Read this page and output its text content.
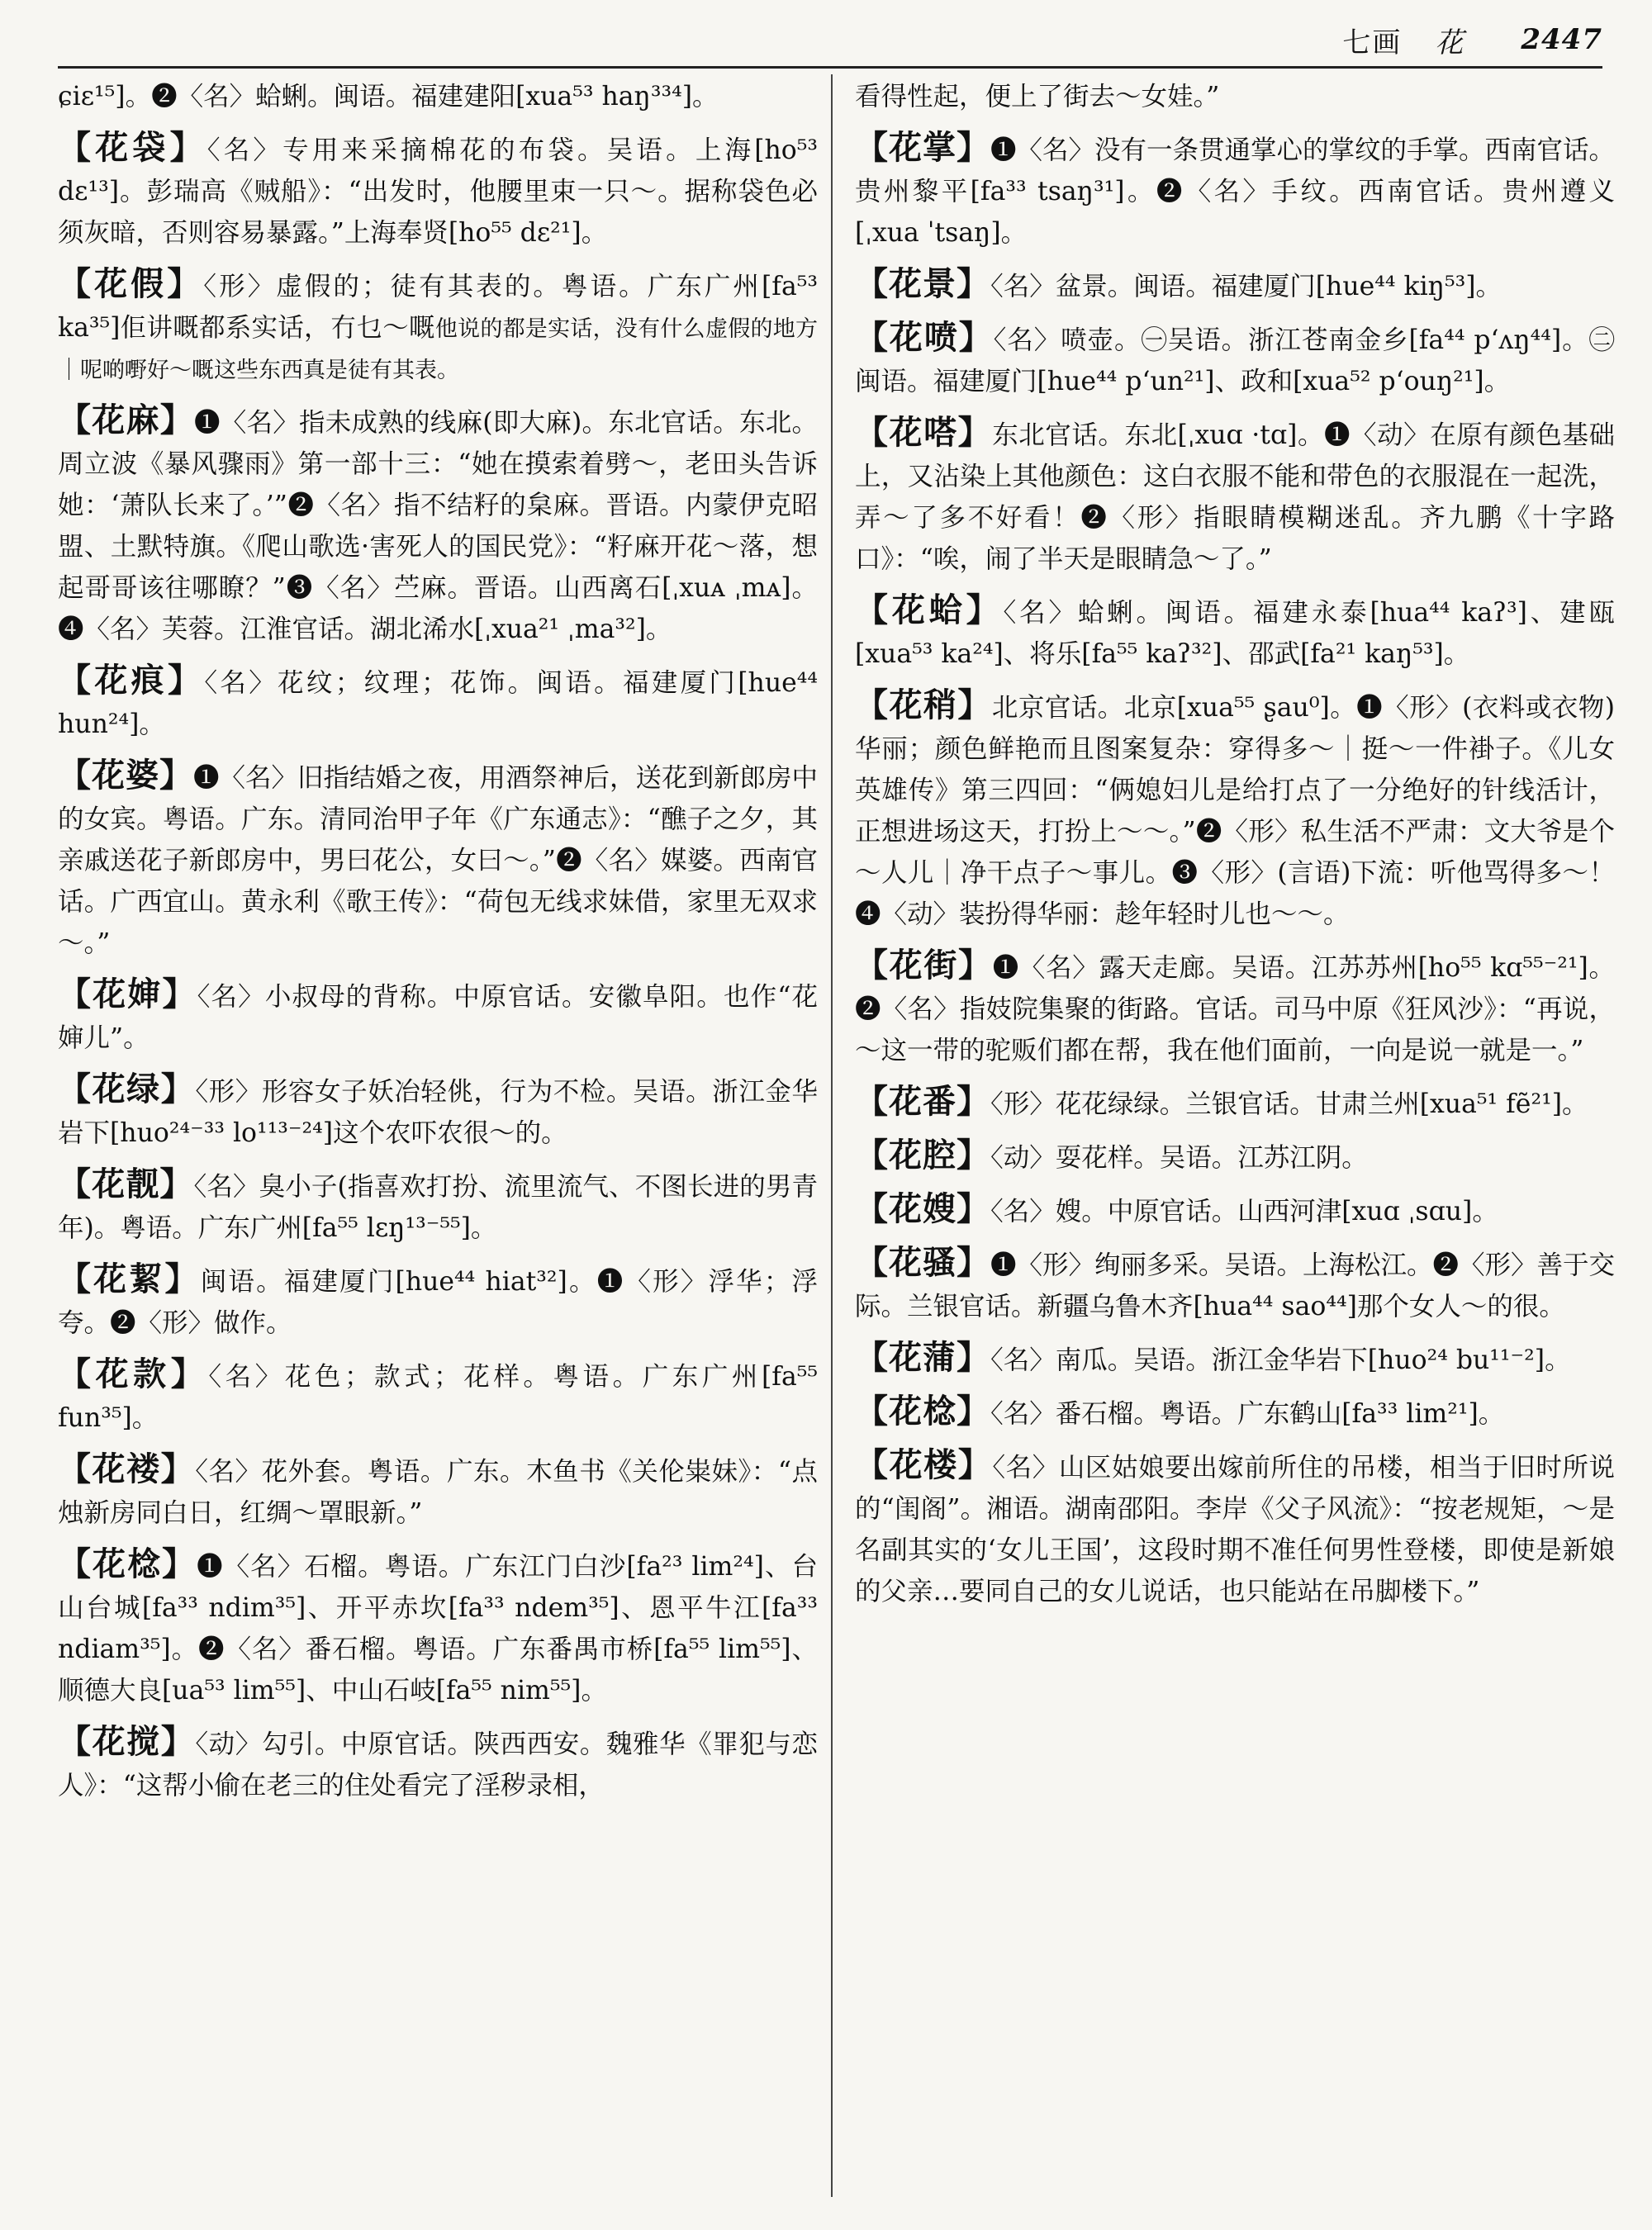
七画 花 2447

ɕiɛ¹⁵]。❷〈名〉蛤蜊。闽语。福建建阳[xua⁵³ haŋ³³⁴]。

【花袋】〈名〉专用来采摘棉花的布袋。吴语。上海[ho⁵³ dɛ¹³]。彭瑞高《贼船》：“出发时，他腰里束一只～。据称袋色必须灰暗，否则容易暴露。”上海奉贤[ho⁵⁵ dɛ²¹]。

【花假】〈形〉虚假的；徒有其表的。粤语。广东广州[fa⁵³ ka³⁵]佢讲嘅都系实话，冇乜～嘅他说的都是实话，没有什么虚假的地方｜呢啲嘢好～嘅这些东西真是徒有其表。

【花麻】❶〈名〉指未成熟的线麻(即大麻)。东北官话。东北。周立波《暴风骤雨》第一部十三：“她在摸索着劈～，老田头告诉她：‘萧队长来了。’”❷〈名〉指不结籽的枲麻。晋语。内蒙伊克昭盟、土默特旗。《爬山歌选·害死人的国民党》：“籽麻开花～落，想起哥哥该往哪瞭？”❸〈名〉苎麻。晋语。山西离石[ˌxuᴀ ˌmᴀ]。❹〈名〉芙蓉。江淮官话。湖北浠水[ˌxua²¹ ˌma³²]。

【花痕】〈名〉花纹；纹理；花饰。闽语。福建厦门[hue⁴⁴ hun²⁴]。

【花婆】❶〈名〉旧指结婚之夜，用酒祭神后，送花到新郎房中的女宾。粤语。广东。清同治甲子年《广东通志》：“醮子之夕，其亲戚送花子新郎房中，男曰花公，女曰～。”❷〈名〉媒婆。西南官话。广西宜山。黄永利《歌王传》：“荷包无线求妹借，家里无双求～。”

【花婶】〈名〉小叔母的背称。中原官话。安徽阜阳。也作“花婶儿”。

【花绿】〈形〉形容女子妖冶轻佻，行为不检。吴语。浙江金华岩下[huo²⁴⁻³³ lo¹¹³⁻²⁴]这个农吓农很～的。

【花靓】〈名〉臭小子(指喜欢打扮、流里流气、不图长进的男青年)。粤语。广东广州[fa⁵⁵ lɛŋ¹³⁻⁵⁵]。

【花絜】闽语。福建厦门[hue⁴⁴ hiat³²]。❶〈形〉浮华；浮夸。❷〈形〉做作。

【花款】〈名〉花色；款式；花样。粤语。广东广州[fa⁵⁵ fun³⁵]。

【花褛】〈名〉花外套。粤语。广东。木鱼书《关伦粜妹》：“点烛新房同白日，红绸～罩眼新。”

【花棯】❶〈名〉石榴。粤语。广东江门白沙[fa²³ lim²⁴]、台山台城[fa³³ ndim³⁵]、开平赤坎[fa³³ ndem³⁵]、恩平牛江[fa³³ ndiam³⁵]。❷〈名〉番石榴。粤语。广东番禺市桥[fa⁵⁵ lim⁵⁵]、顺德大良[ua⁵³ lim⁵⁵]、中山石岐[fa⁵⁵ nim⁵⁵]。

【花搅】〈动〉勾引。中原官话。陕西西安。魏雅华《罪犯与恋人》：“这帮小偷在老三的住处看完了淫秽录相，

看得性起，便上了街去～女娃。”

【花掌】❶〈名〉没有一条贯通掌心的掌纹的手掌。西南官话。贵州黎平[fa³³ tsaŋ³¹]。❷〈名〉手纹。西南官话。贵州遵义[ˌxua ˈtsaŋ]。

【花景】〈名〉盆景。闽语。福建厦门[hue⁴⁴ kiŋ⁵³]。

【花喷】〈名〉喷壶。㊀吴语。浙江苍南金乡[fa⁴⁴ pʻʌŋ⁴⁴]。㊁闽语。福建厦门[hue⁴⁴ pʻun²¹]、政和[xua⁵² pʻouŋ²¹]。

【花嗒】东北官话。东北[ˌxuɑ ·tɑ]。❶〈动〉在原有颜色基础上，又沾染上其他颜色：这白衣服不能和带色的衣服混在一起洗，弄～了多不好看！❷〈形〉指眼睛模糊迷乱。齐九鹏《十字路口》：“唉，闹了半天是眼睛急～了。”

【花蛤】〈名〉蛤蜊。闽语。福建永泰[hua⁴⁴ kaʔ³]、建瓯[xua⁵³ ka²⁴]、将乐[fa⁵⁵ kaʔ³²]、邵武[fa²¹ kaŋ⁵³]。

【花稍】北京官话。北京[xua⁵⁵ ʂau⁰]。❶〈形〉(衣料或衣物)华丽；颜色鲜艳而且图案复杂：穿得多～｜挺～一件褂子。《儿女英雄传》第三四回：“俩媳妇儿是给打点了一分绝好的针线活计，正想进场这天，打扮上～～。”❷〈形〉私生活不严肃：文大爷是个～人儿｜净干点子～事儿。❸〈形〉(言语)下流：听他骂得多～！❹〈动〉装扮得华丽：趁年轻时儿也～～。

【花街】❶〈名〉露天走廊。吴语。江苏苏州[ho⁵⁵ kɑ⁵⁵⁻²¹]。❷〈名〉指妓院集聚的街路。官话。司马中原《狂风沙》：“再说，～这一带的驼贩们都在帮，我在他们面前，一向是说一就是一。”

【花番】〈形〉花花绿绿。兰银官话。甘肃兰州[xua⁵¹ fẽ²¹]。

【花腔】〈动〉耍花样。吴语。江苏江阴。

【花嫂】〈名〉嫂。中原官话。山西河津[xuɑ ˌsɑu]。

【花骚】❶〈形〉绚丽多采。吴语。上海松江。❷〈形〉善于交际。兰银官话。新疆乌鲁木齐[hua⁴⁴ sao⁴⁴]那个女人～的很。

【花蒲】〈名〉南瓜。吴语。浙江金华岩下[huo²⁴ bu¹¹⁻²]。

【花棯】〈名〉番石榴。粤语。广东鹤山[fa³³ lim²¹]。

【花楼】〈名〉山区姑娘要出嫁前所住的吊楼，相当于旧时所说的“闺阁”。湘语。湖南邵阳。李岸《父子风流》：“按老规矩，～是名副其实的‘女儿王国’，这段时期不准任何男性登楼，即使是新娘的父亲…要同自己的女儿说话，也只能站在吊脚楼下。”
